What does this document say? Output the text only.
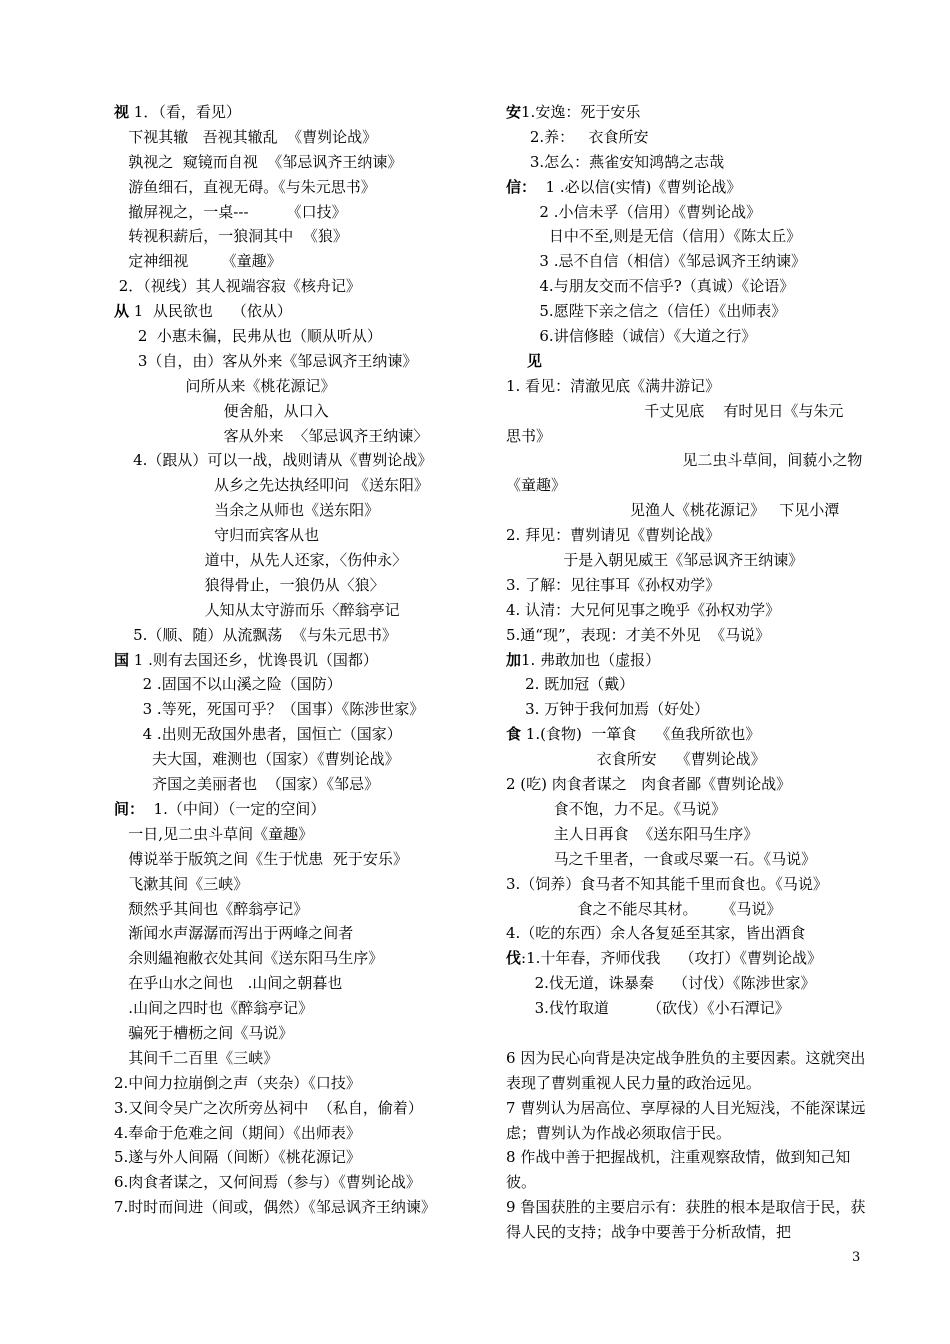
视 1．（看，看见）
下视其辙   吾视其辙乱  《曹刿论战》
孰视之  窥镜而自视  《邹忌讽齐王纳谏》
游鱼细石，直视无碍。《与朱元思书》
撤屏视之，一桌---        《口技》
转视积薪后，一狼洞其中  《狼》
定神细视       《童趣》
2．（视线）其人视端容寂《核舟记》
从 1  从民欲也    （依从）
2  小惠未徧，民弗从也（顺从听从）
3（自，由）客从外来《邹忌讽齐王纳谏》
问所从来《桃花源记》
便舍船，从口入
客从外来  〈邹忌讽齐王纳谏〉
4.（跟从）可以一战，战则请从《曹刿论战》
从乡之先达执经叩问 《送东阳》
当余之从师也《送东阳》
守归而宾客从也
道中，从先人还家，〈伤仲永〉
狼得骨止，一狼仍从〈狼〉
人知从太守游而乐〈醉翁亭记
5.（顺、随）从流飘荡  《与朱元思书》
国 1 .则有去国还乡，忧谗畏讥（国都）
2 .固国不以山溪之险（国防）
3 .等死，死国可乎？（国事）《陈涉世家》
4 .出则无敌国外患者，国恒亡（国家）
夫大国，难测也（国家）《曹刿论战》
齐国之美丽者也  （国家）《邹忌》
间：  1.（中间）（一定的空间）
一日,见二虫斗草间《童趣》
傅说举于版筑之间《生于忧患  死于安乐》
飞漱其间《三峡》
颓然乎其间也《醉翁亭记》
渐闻水声潺潺而泻出于两峰之间者
余则緼袍敝衣处其间《送东阳马生序》
在乎山水之间也   .山间之朝暮也
.山间之四时也《醉翁亭记》
骗死于槽枥之间《马说》
其间千二百里《三峡》
2.中间力拉崩倒之声（夹杂）《口技》
3.又间令吴广之次所旁丛祠中  （私自，偷着）
4.奉命于危难之间（期间）《出师表》
5.遂与外人间隔（间断）《桃花源记》
6.肉食者谋之，又何间焉（参与）《曹刿论战》
7.时时而间进（间或，偶然）《邹忌讽齐王纳谏》
安1.安逸：死于安乐
2.养：   衣食所安
3.怎么：燕雀安知鸿鹄之志哉
信：  1 .必以信(实情)《曹刿论战》
2 .小信未孚（信用）《曹刿论战》
日中不至,则是无信（信用）《陈太丘》
3 .忌不自信（相信）《邹忌讽齐王纳谏》
4.与朋友交而不信乎?（真诚）《论语》
5.愿陛下亲之信之（信任）《出师表》
6.讲信修睦（诚信）《大道之行》
见
1. 看见：清澈见底《满井游记》
千丈见底    有时见日《与朱元
思书》
见二虫斗草间，间藐小之物
《童趣》
见渔人《桃花源记》   下见小潭
2. 拜见：曹刿请见《曹刿论战》
于是入朝见威王《邹忌讽齐王纳谏》
3. 了解：见往事耳《孙权劝学》
4. 认清：大兄何见事之晚乎《孙权劝学》
5.通“现”，表现：才美不外见  《马说》
加1. 弗敢加也（虚报）
2. 既加冠（戴）
3. 万钟于我何加焉（好处）
食 1.(食物)  一箪食    《鱼我所欲也》
衣食所安    《曹刿论战》
2 (吃) 肉食者谋之   肉食者鄙《曹刿论战》
食不饱，力不足。《马说》
主人日再食  《送东阳马生序》
马之千里者，一食或尽粟一石。《马说》
3.（饲养）食马者不知其能千里而食也。《马说》
食之不能尽其材。     《马说》
4.（吃的东西）余人各复延至其家，皆出酒食
伐:1.十年春，齐师伐我    （攻打）《曹刿论战》
2.伐无道，诛暴秦    （讨伐）《陈涉世家》
3.伐竹取道        （砍伐）《小石潭记》
6 因为民心向背是决定战争胜负的主要因素。这就突出表现了曹刿重视人民力量的政治远见。
7 曹刿认为居高位、享厚禄的人目光短浅，不能深谋远虑；曹刿认为作战必须取信于民。
8 作战中善于把握战机，注重观察敌情，做到知己知彼。
9 鲁国获胜的主要启示有：获胜的根本是取信于民，获得人民的支持；战争中要善于分析敌情，把
3
